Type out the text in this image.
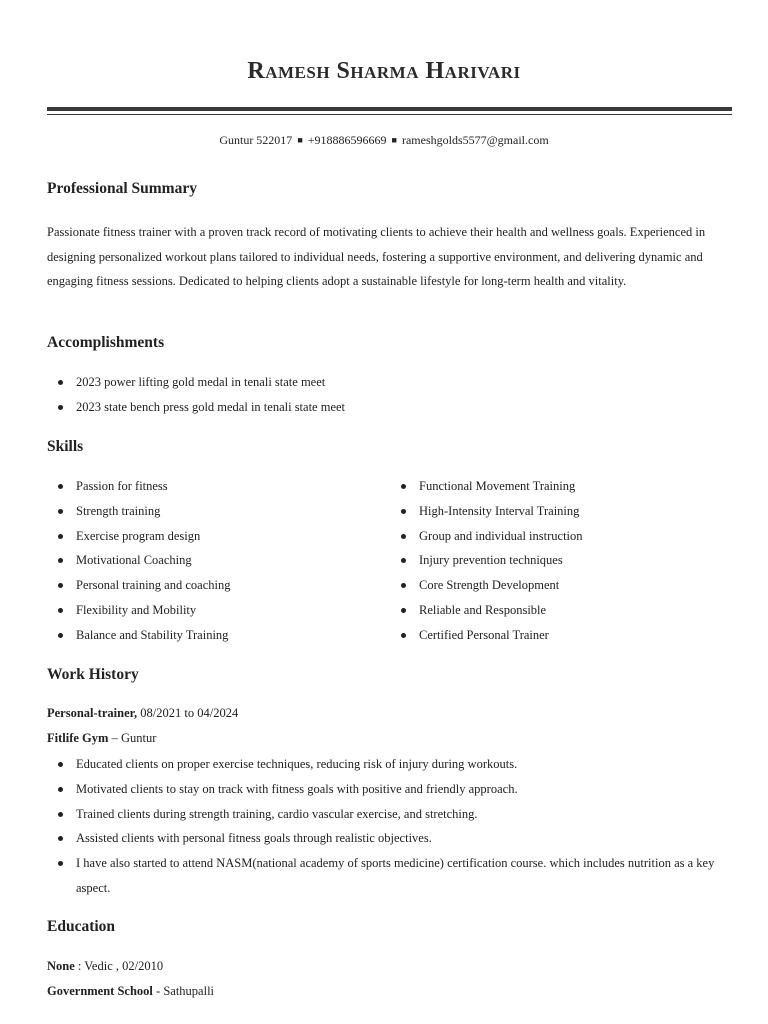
Ramesh Sharma Harivari
Guntur 522017 ■ +918886596669 ■ rameshgolds5577@gmail.com
Professional Summary
Passionate fitness trainer with a proven track record of motivating clients to achieve their health and wellness goals. Experienced in designing personalized workout plans tailored to individual needs, fostering a supportive environment, and delivering dynamic and engaging fitness sessions. Dedicated to helping clients adopt a sustainable lifestyle for long-term health and vitality.
Accomplishments
2023 power lifting gold medal in tenali state meet
2023 state bench press gold medal in tenali state meet
Skills
Passion for fitness
Strength training
Exercise program design
Motivational Coaching
Personal training and coaching
Flexibility and Mobility
Balance and Stability Training
Functional Movement Training
High-Intensity Interval Training
Group and individual instruction
Injury prevention techniques
Core Strength Development
Reliable and Responsible
Certified Personal Trainer
Work History
Personal-trainer, 08/2021 to 04/2024
Fitlife Gym – Guntur
Educated clients on proper exercise techniques, reducing risk of injury during workouts.
Motivated clients to stay on track with fitness goals with positive and friendly approach.
Trained clients during strength training, cardio vascular exercise, and stretching.
Assisted clients with personal fitness goals through realistic objectives.
I have also started to attend NASM(national academy of sports medicine) certification course. which includes nutrition as a key aspect.
Education
None : Vedic , 02/2010
Government School - Sathupalli
